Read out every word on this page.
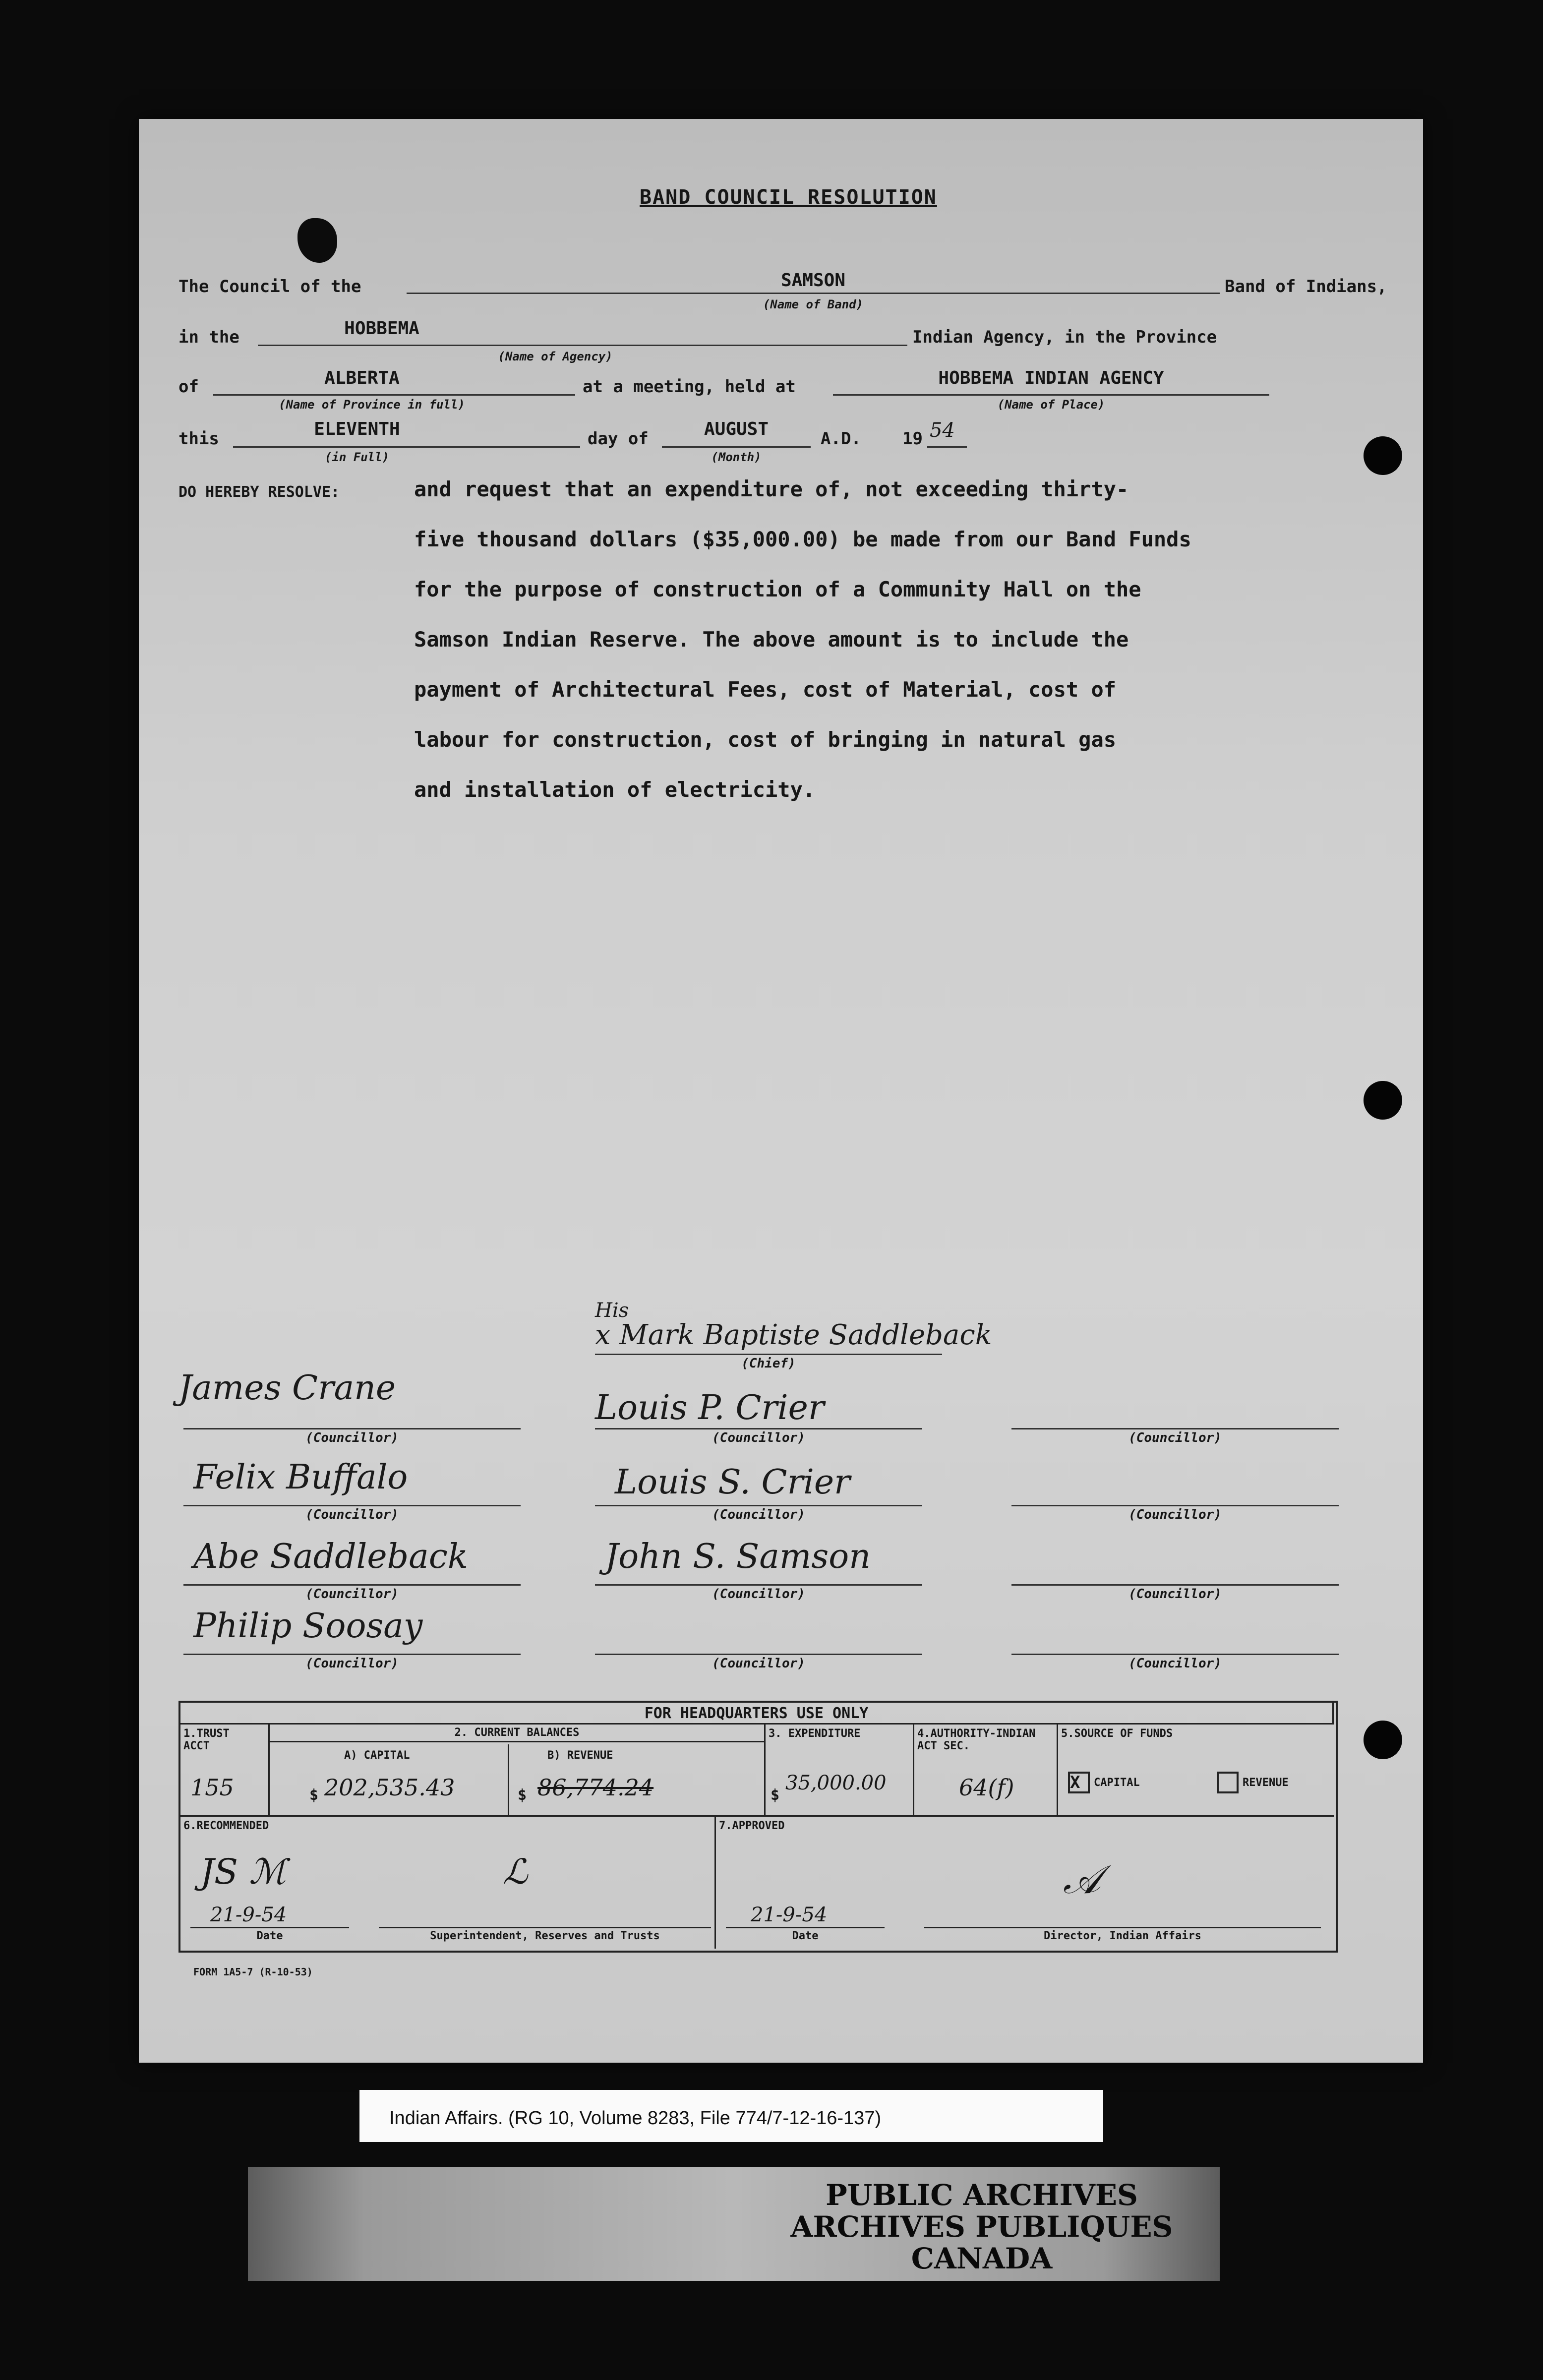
BAND COUNCIL RESOLUTION
The Council of the	SAMSON
(Name of Band)
Band of Indians,
in the	HOBBEMA
(Name of Agency)
Indian Agency, in the Province
of	ALBERTA
(Name of Province in full)
at a meeting, held at	HOBBEMA INDIAN AGENCY
(Name of Place)
this	ELEVENTH
(in Full)
day of	AUGUST
(Month)
A.D. 19 54
DO HEREBY RESOLVE:	and request that an expenditure of, not exceeding thirty-
five thousand dollars ($35,000.00) be made from our Band Funds
for the purpose of construction of a Community Hall on the
Samson Indian Reserve. The above amount is to include the
payment of Architectural Fees, cost of Material, cost of
labour for construction, cost of bringing in natural gas
and installation of electricity.
His
x Mark Baptiste Saddleback
(Chief)
James Crane
(Councillor)
Louis P. Crier
(Councillor)	(Councillor)
Felix Buffalo
(Councillor)
Louis S. Crier
(Councillor)	(Councillor)
Abe Saddleback
(Councillor)
John S. Samson
(Councillor)	(Councillor)
Philip Soosay
(Councillor)	(Councillor)	(Councillor)
FOR HEADQUARTERS USE ONLY
1.TRUST ACCT
155
2. CURRENT BALANCES
A) CAPITAL	B) REVENUE
$ 202,535.43	$ 86,774.24
3. EXPENDITURE
$
35,000.00
4.AUTHORITY-INDIAN ACT SEC.
64(f)
5.SOURCE OF FUNDS
X	CAPITAL	REVENUE
6.RECOMMENDED
JS ℳ	ℒ
21-9-54
Date	Superintendent, Reserves and Trusts
7.APPROVED
𝒜
21-9-54
Date	Director, Indian Affairs
FORM 1A5-7 (R-10-53)
Indian Affairs. (RG 10, Volume 8283, File 774/7-12-16-137)
PUBLIC ARCHIVES
ARCHIVES PUBLIQUES
CANADA
